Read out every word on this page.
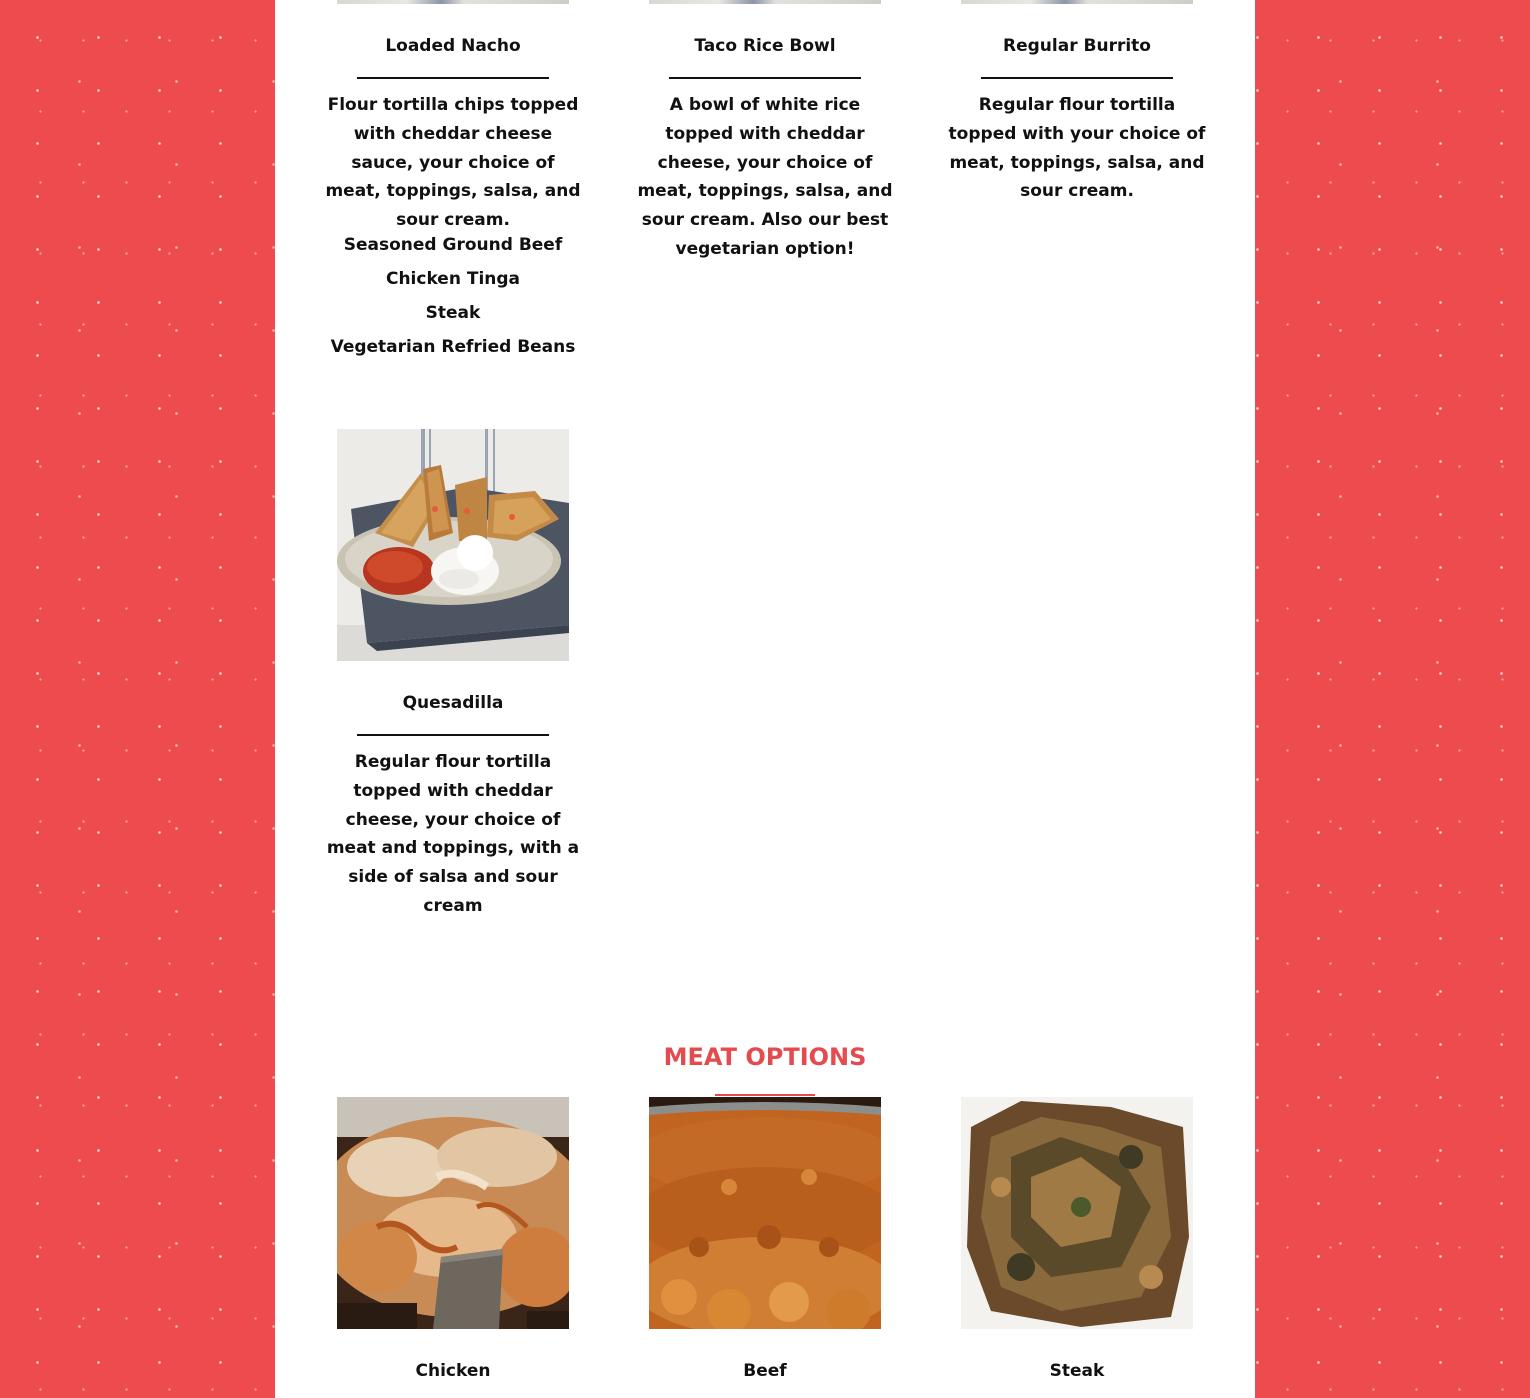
Loaded Nacho
Flour tortilla chips topped with cheddar cheese sauce, your choice of meat, toppings, salsa, and sour cream.
Seasoned Ground Beef
Chicken Tinga
Steak
Vegetarian Refried Beans
Taco Rice Bowl
A bowl of white rice topped with cheddar cheese, your choice of meat, toppings, salsa, and sour cream. Also our best vegetarian option!
Regular Burrito
Regular flour tortilla topped with your choice of meat, toppings, salsa, and sour cream.
Quesadilla
Regular flour tortilla topped with cheddar cheese, your choice of meat and toppings, with a side of salsa and sour cream
MEAT OPTIONS
Chicken	Beef	Steak
